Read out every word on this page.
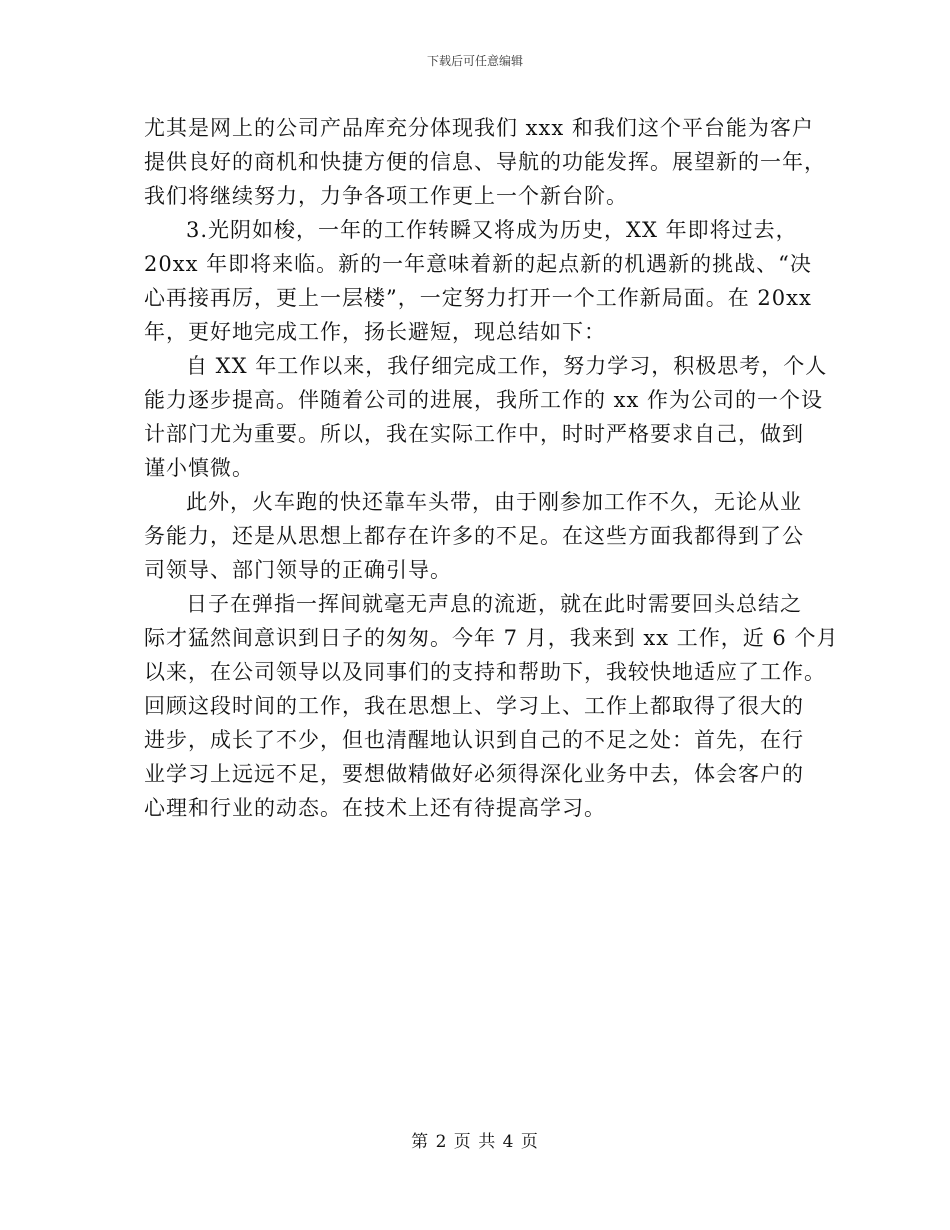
下载后可任意编辑
尤其是网上的公司产品库充分体现我们 xxx 和我们这个平台能为客户
提供良好的商机和快捷方便的信息、导航的功能发挥。展望新的一年，
我们将继续努力，力争各项工作更上一个新台阶。
3.光阴如梭，一年的工作转瞬又将成为历史，XX 年即将过去，
20xx 年即将来临。新的一年意味着新的起点新的机遇新的挑战、“决
心再接再厉，更上一层楼”，一定努力打开一个工作新局面。在 20xx
年，更好地完成工作，扬长避短，现总结如下：
自 XX 年工作以来，我仔细完成工作，努力学习，积极思考，个人
能力逐步提高。伴随着公司的进展，我所工作的 xx 作为公司的一个设
计部门尤为重要。所以，我在实际工作中，时时严格要求自己，做到
谨小慎微。
此外，火车跑的快还靠车头带，由于刚参加工作不久，无论从业
务能力，还是从思想上都存在许多的不足。在这些方面我都得到了公
司领导、部门领导的正确引导。
日子在弹指一挥间就毫无声息的流逝，就在此时需要回头总结之
际才猛然间意识到日子的匆匆。今年 7 月，我来到 xx 工作，近 6 个月
以来，在公司领导以及同事们的支持和帮助下，我较快地适应了工作。
回顾这段时间的工作，我在思想上、学习上、工作上都取得了很大的
进步，成长了不少，但也清醒地认识到自己的不足之处：首先，在行
业学习上远远不足，要想做精做好必须得深化业务中去，体会客户的
心理和行业的动态。在技术上还有待提高学习。
第 2 页 共 4 页
